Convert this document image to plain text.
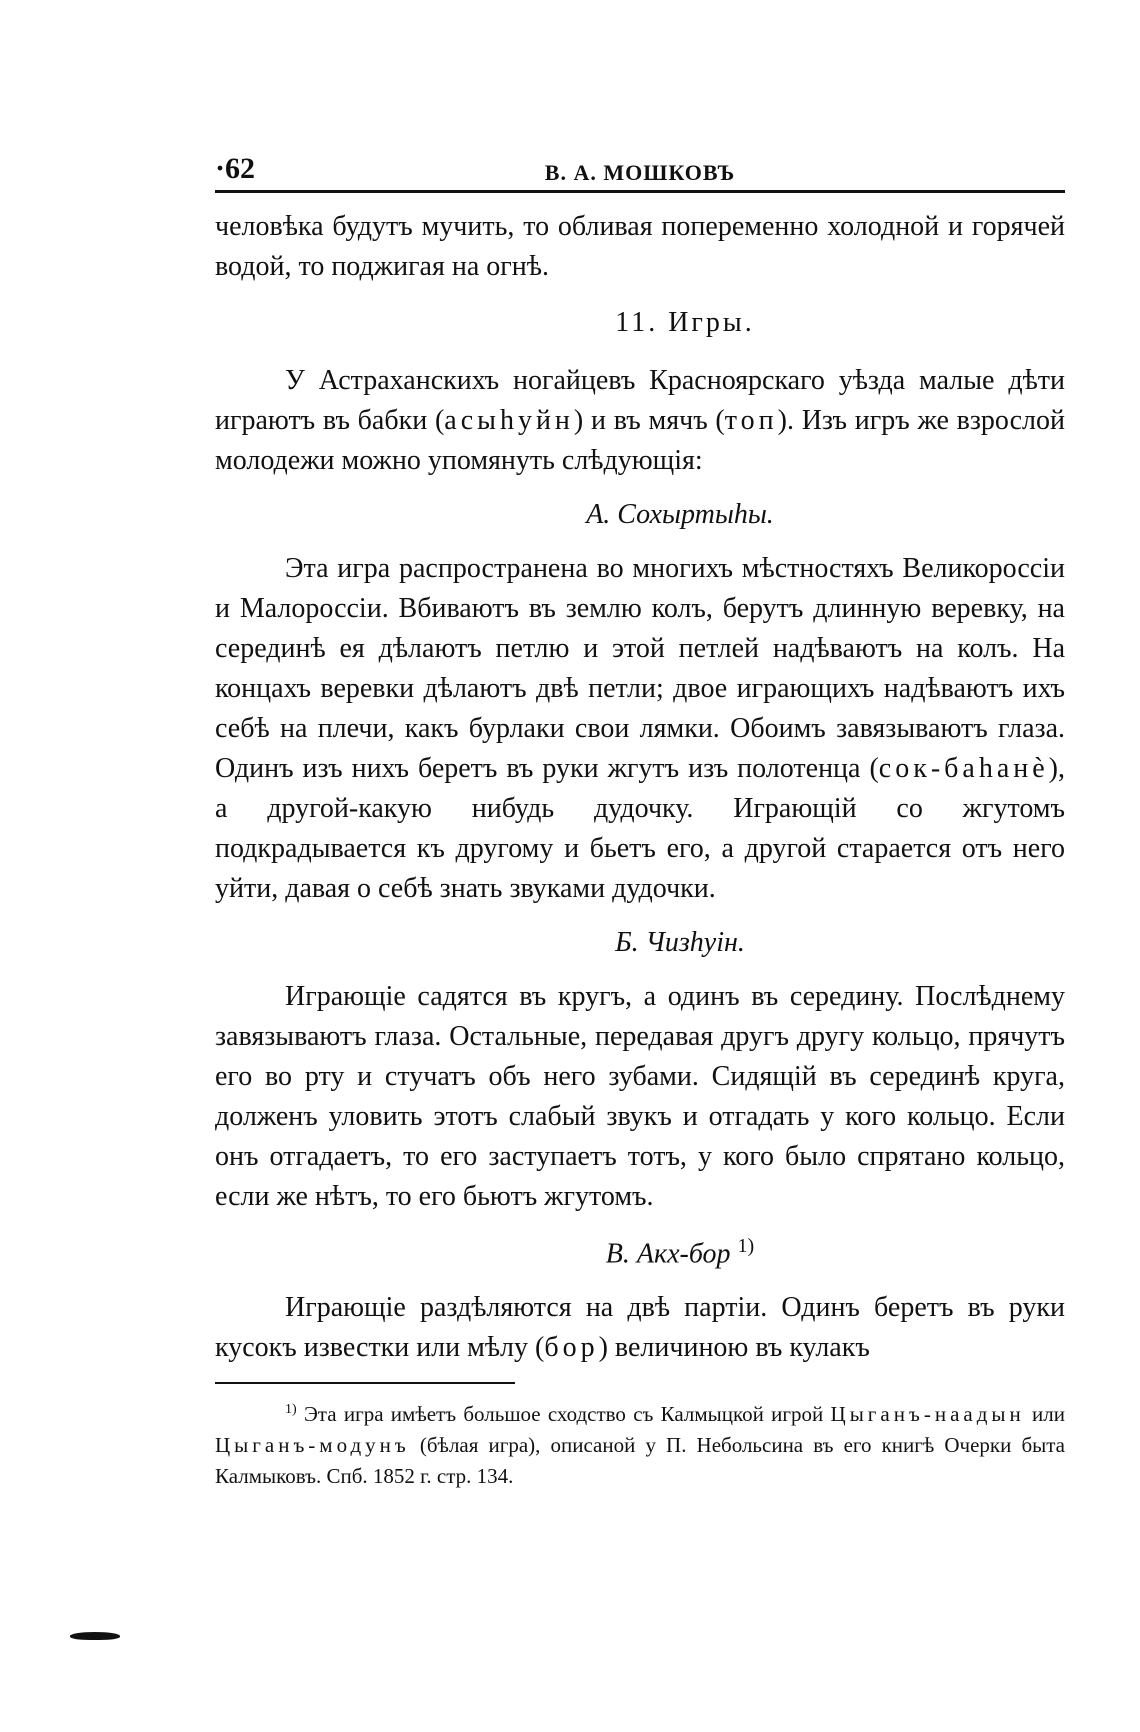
·62	В. А. МОШКОВЪ

человѣка будутъ мучить, то обливая попеременно холодной и горячей водой, то поджигая на огнѣ.

11. Игры.

У Астраханскихъ ногайцевъ Красноярскаго уѣзда малые дѣти играютъ въ бабки (асыhуйн) и въ мячъ (топ). Изъ игръ же взрослой молодежи можно упомянуть слѣдующія:

А. Сохыртыhы.

Эта игра распространена во многихъ мѣстностяхъ Великороссіи и Малороссіи. Вбиваютъ въ землю колъ, берутъ длинную веревку, на серединѣ ея дѣлаютъ петлю и этой петлей надѣваютъ на колъ. На концахъ веревки дѣлаютъ двѣ петли; двое играющихъ надѣваютъ ихъ себѣ на плечи, какъ бурлаки свои лямки. Обоимъ завязываютъ глаза. Одинъ изъ нихъ беретъ въ руки жгутъ изъ полотенца (сок-баhанè), а другой-какую нибудь дудочку. Играющій со жгутомъ подкрадывается къ другому и бьетъ его, а другой старается отъ него уйти, давая о себѣ знать звуками дудочки.

Б. Чизhуін.

Играющіе садятся въ кругъ, а одинъ въ середину. Послѣднему завязываютъ глаза. Остальные, передавая другъ другу кольцо, прячутъ его во рту и стучатъ объ него зубами. Сидящій въ серединѣ круга, долженъ уловить этотъ слабый звукъ и отгадать у кого кольцо. Если онъ отгадаетъ, то его заступаетъ тотъ, у кого было спрятано кольцо, если же нѣтъ, то его бьютъ жгутомъ.

В. Акх-бор $^{1)}$

Играющіе раздѣляются на двѣ партіи. Одинъ беретъ въ руки кусокъ известки или мѣлу (бор) величиною въ кулакъ

$^{1)}$ Эта игра имѣетъ большое сходство съ Калмыцкой игрой Цыганъ-наадын или Цыганъ-модунъ (бѣлая игра), описаной у П. Небольсина въ его книгѣ Очерки быта Калмыковъ. Спб. 1852 г. стр. 134.
